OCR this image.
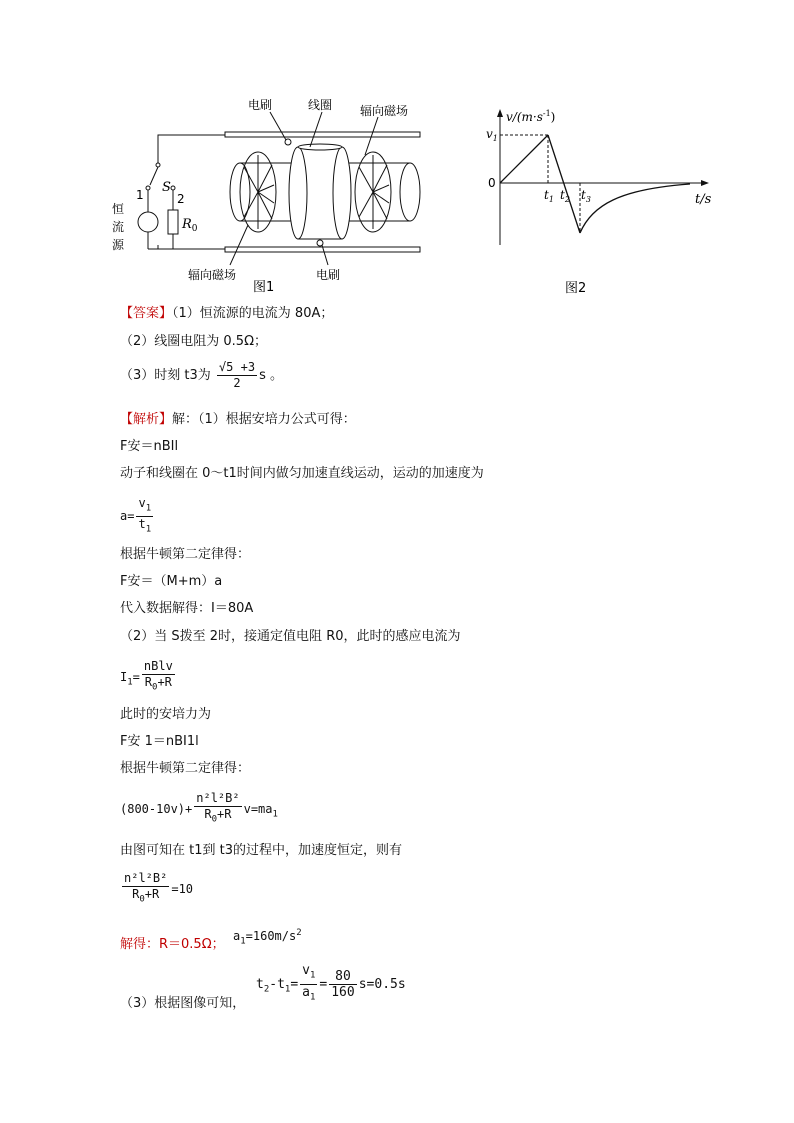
电刷	线圈 辐向磁场
辐向磁场	电刷
恒
流
源
S
1	2
$R_0$
图1
$v/(m\cdot s^{-1})$
$v_1$
0
$t_1$ $t_2$ $t_3$	t/s
图2
【答案】（1）恒流源的电流为 80A；
（2）线圈电阻为 0.5Ω；
（3）时刻 t3为 $\frac{√5 +3}{2}$ s 。
【解析】解：（1）根据安培力公式可得：
F安＝nBIl
动子和线圈在 0～t1时间内做匀加速直线运动，运动的加速度为
$a= \frac{v_1}{t_1}$
根据牛顿第二定律得：
F安＝（M+m）a
代入数据解得：I＝80A
（2）当 S拨至 2时，接通定值电阻 R0，此时的感应电流为
$I_1= \frac{\text{nBlv}}{R_0+R}$
此时的安培力为
F安 1＝nBI1l
根据牛顿第二定律得：
$(800-10v)+ \frac{\text{n²l²B²}}{R_0+R} v=ma_1$
由图可知在 t1到 t3的过程中，加速度恒定，则有
$\frac{\text{n²l²B²}}{R_0+R} =10$
解得：R＝0.5Ω；
$a_1=160m/s^2$
（3）根据图像可知，
$t_2-t_1= \frac{v_1}{a_1} = \frac{80}{160} s=0.5s$
